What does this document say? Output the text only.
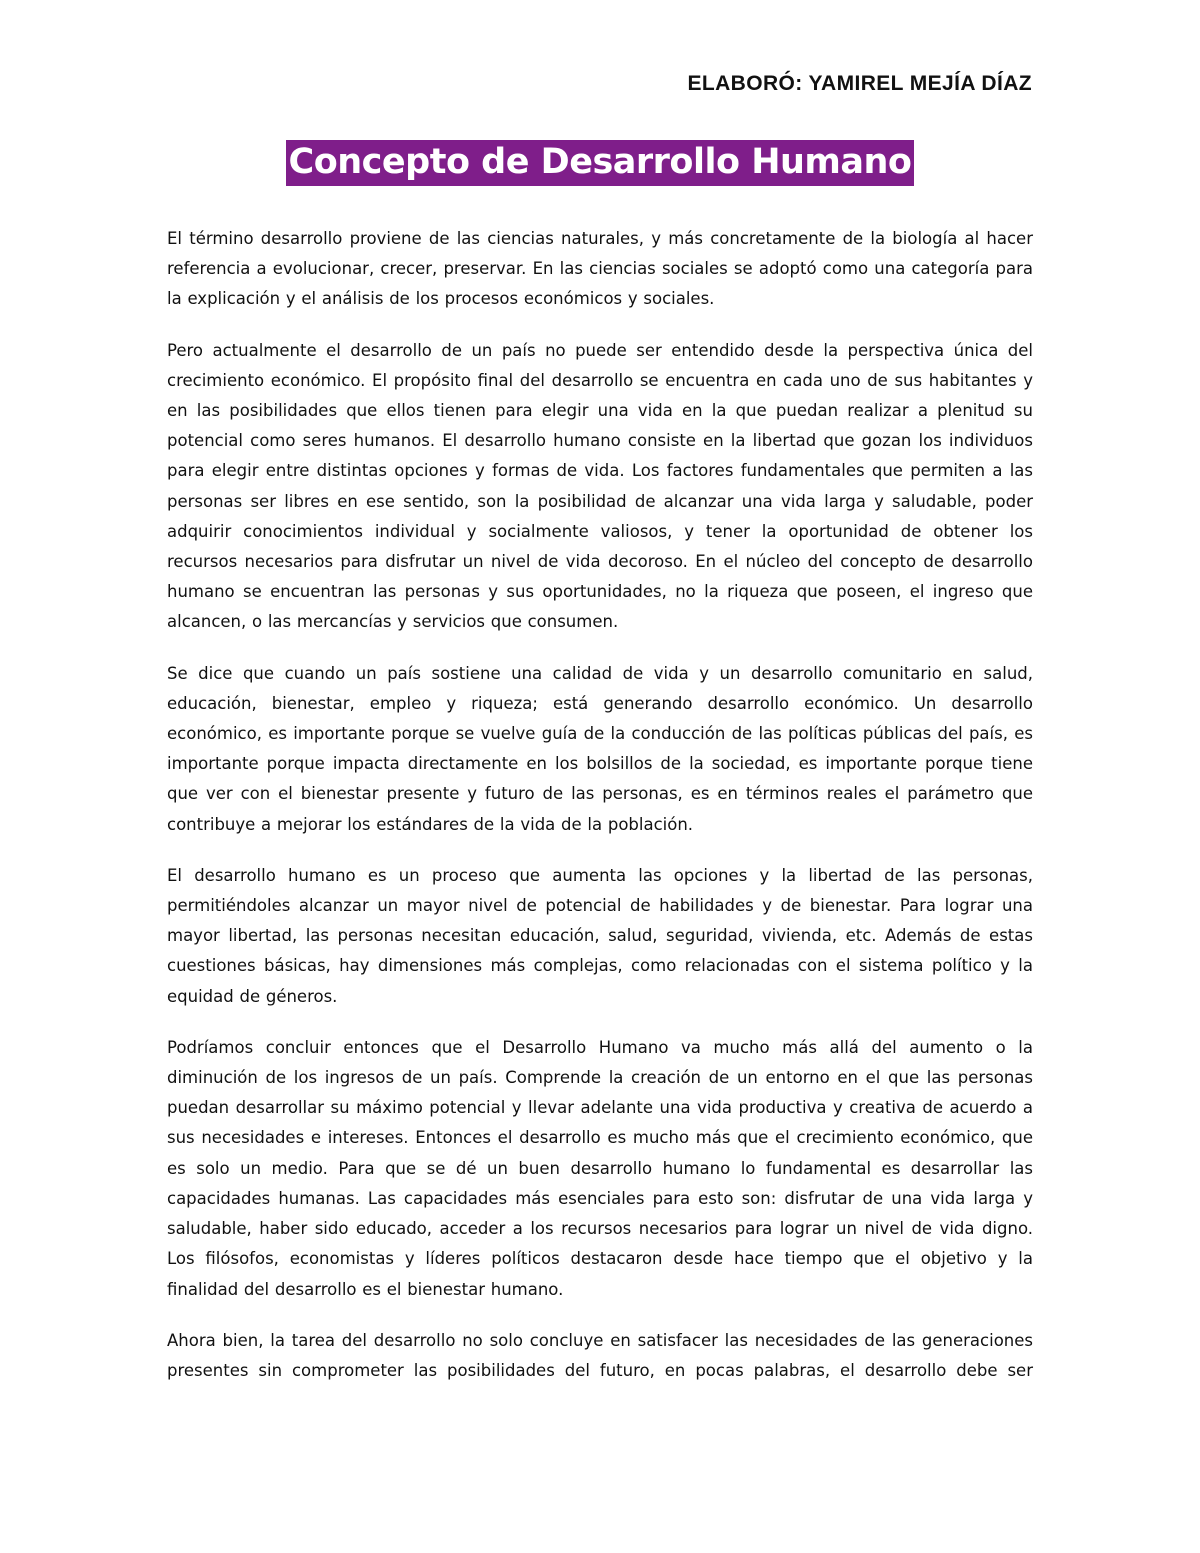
ELABORÓ: YAMIREL MEJÍA DÍAZ
Concepto de Desarrollo Humano

El término desarrollo proviene de las ciencias naturales, y más concretamente de la biología al hacer referencia a evolucionar, crecer, preservar. En las ciencias sociales se adoptó como una categoría para la explicación y el análisis de los procesos económicos y sociales.

Pero actualmente el desarrollo de un país no puede ser entendido desde la perspectiva única del crecimiento económico. El propósito final del desarrollo se encuentra en cada uno de sus habitantes y en las posibilidades que ellos tienen para elegir una vida en la que puedan realizar a plenitud su potencial como seres humanos. El desarrollo humano consiste en la libertad que gozan los individuos para elegir entre distintas opciones y formas de vida. Los factores fundamentales que permiten a las personas ser libres en ese sentido, son la posibilidad de alcanzar una vida larga y saludable, poder adquirir conocimientos individual y socialmente valiosos, y tener la oportunidad de obtener los recursos necesarios para disfrutar un nivel de vida decoroso. En el núcleo del concepto de desarrollo humano se encuentran las personas y sus oportunidades, no la riqueza que poseen, el ingreso que alcancen, o las mercancías y servicios que consumen.

Se dice que cuando un país sostiene una calidad de vida y un desarrollo comunitario en salud, educación, bienestar, empleo y riqueza; está generando desarrollo económico. Un desarrollo económico, es importante porque se vuelve guía de la conducción de las políticas públicas del país, es importante porque impacta directamente en los bolsillos de la sociedad, es importante porque tiene que ver con el bienestar presente y futuro de las personas, es en términos reales el parámetro que contribuye a mejorar los estándares de la vida de la población.

El desarrollo humano es un proceso que aumenta las opciones y la libertad de las personas, permitiéndoles alcanzar un mayor nivel de potencial de habilidades y de bienestar. Para lograr una mayor libertad, las personas necesitan educación, salud, seguridad, vivienda, etc. Además de estas cuestiones básicas, hay dimensiones más complejas, como relacionadas con el sistema político y la equidad de géneros.

Podríamos concluir entonces que el Desarrollo Humano va mucho más allá del aumento o la diminución de los ingresos de un país. Comprende la creación de un entorno en el que las personas puedan desarrollar su máximo potencial y llevar adelante una vida productiva y creativa de acuerdo a sus necesidades e intereses. Entonces el desarrollo es mucho más que el crecimiento económico, que es solo un medio. Para que se dé un buen desarrollo humano lo fundamental es desarrollar las capacidades humanas. Las capacidades más esenciales para esto son: disfrutar de una vida larga y saludable, haber sido educado, acceder a los recursos necesarios para lograr un nivel de vida digno. Los filósofos, economistas y líderes políticos destacaron desde hace tiempo que el objetivo y la finalidad del desarrollo es el bienestar humano.

Ahora bien, la tarea del desarrollo no solo concluye en satisfacer las necesidades de las generaciones presentes sin comprometer las posibilidades del futuro, en pocas palabras, el desarrollo debe ser
